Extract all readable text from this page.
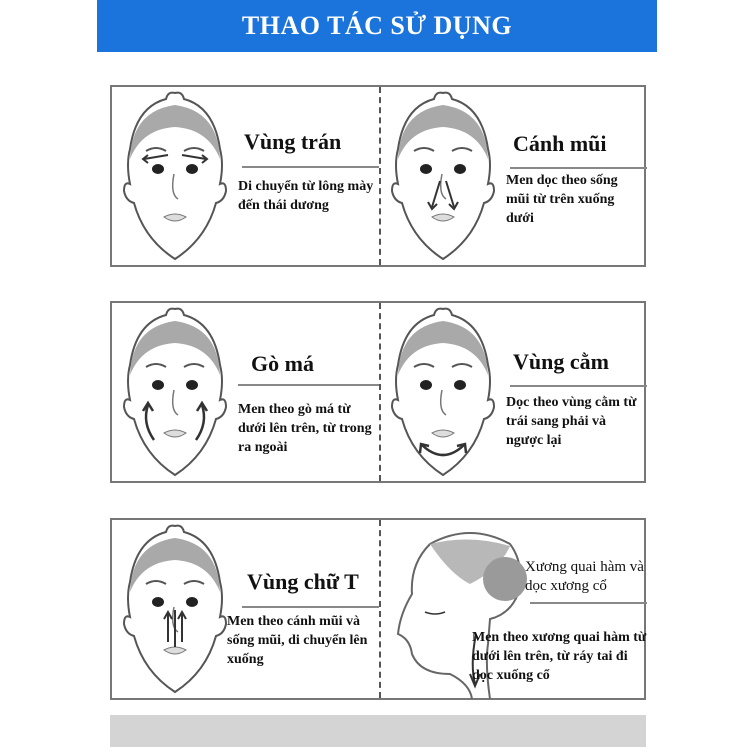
THAO TÁC SỬ DỤNG
Vùng trán
Di chuyển từ lông mày đến thái dương
Cánh mũi
Men dọc theo sống mũi từ trên xuống dưới
Gò má
Men theo gò má từ dưới lên trên, từ trong ra ngoài
Vùng cằm
Dọc theo vùng cằm từ trái sang phải và ngược lại
Vùng chữ T
Men theo cánh mũi và sống mũi, di chuyển lên xuống
Xương quai hàm và dọc xương cổ
Men theo xương quai hàm từ dưới lên trên, từ ráy tai đi dọc xuống cổ
